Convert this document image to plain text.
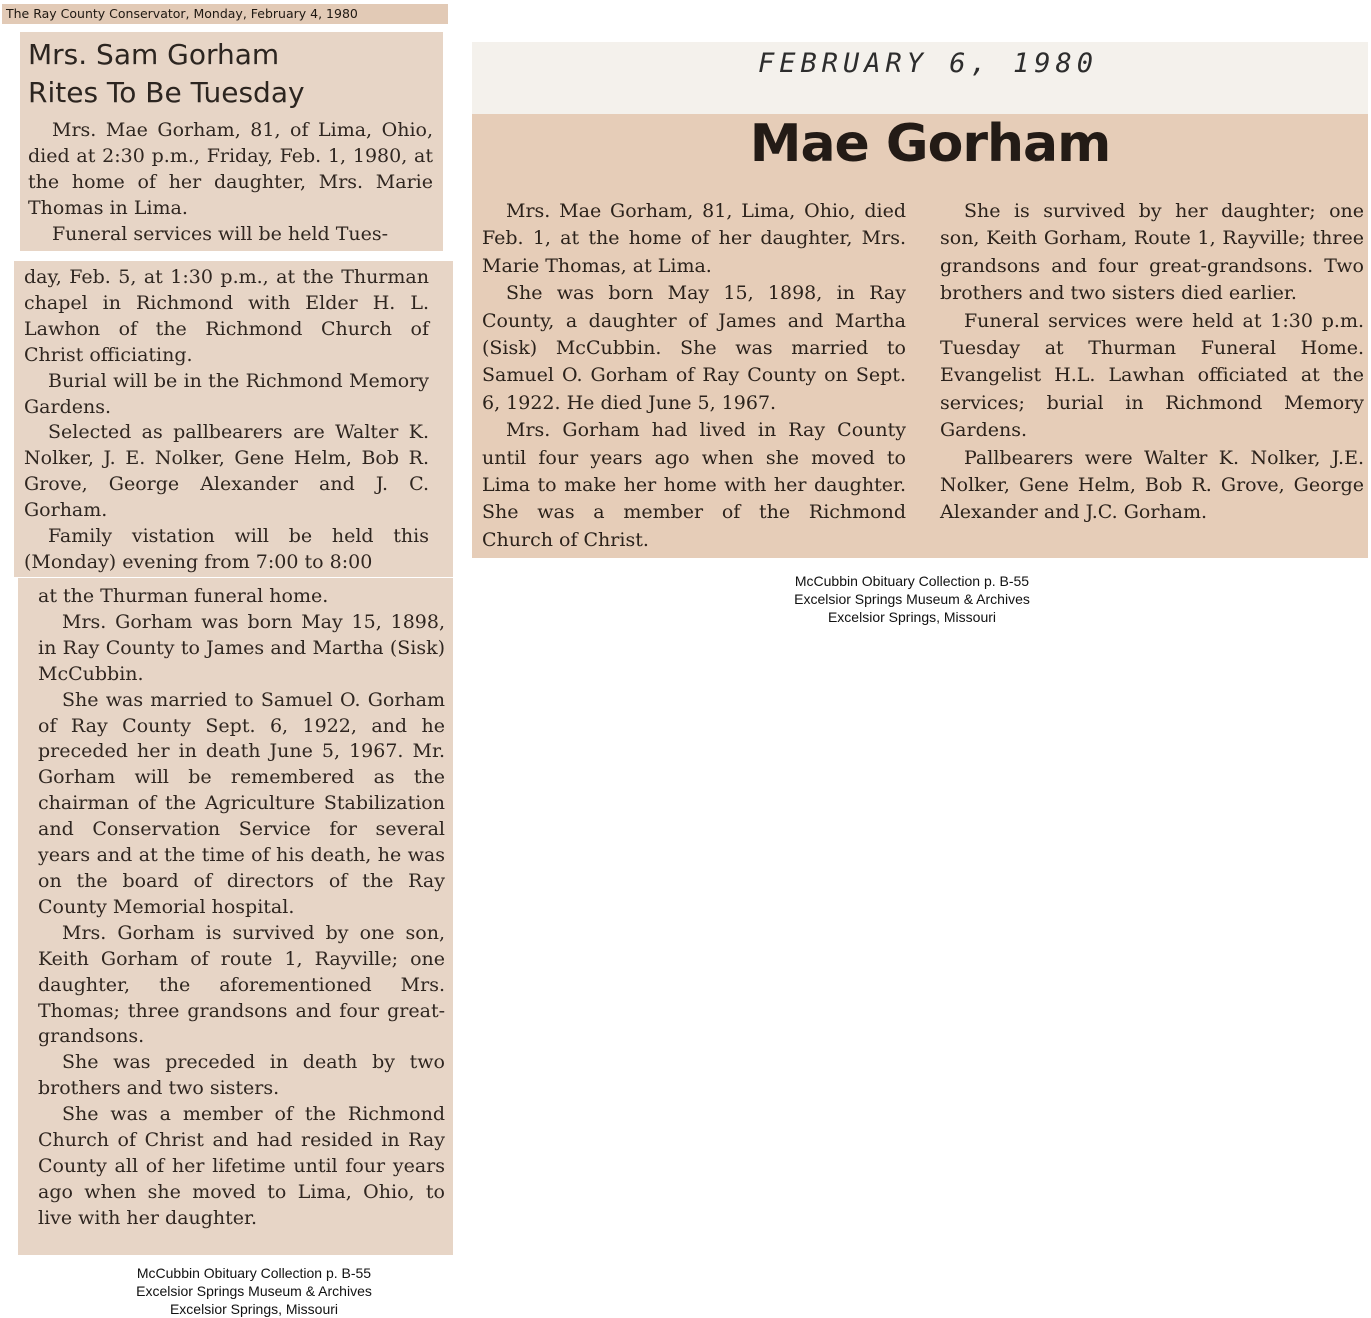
The Ray County Conservator, Monday, February 4, 1980
Mrs. Sam Gorham
Rites To Be Tuesday

Mrs. Mae Gorham, 81, of Lima, Ohio, died at 2:30 p.m., Friday, Feb. 1, 1980, at the home of her daughter, Mrs. Marie Thomas in Lima.

Funeral services will be held Tues-

day, Feb. 5, at 1:30 p.m., at the Thurman chapel in Richmond with Elder H. L. Lawhon of the Richmond Church of Christ officiating.

Burial will be in the Richmond Memory Gardens.

Selected as pallbearers are Walter K. Nolker, J. E. Nolker, Gene Helm, Bob R. Grove, George Alexander and J. C. Gorham.

Family vistation will be held this (Monday) evening from 7:00 to 8:00

at the Thurman funeral home.

Mrs. Gorham was born May 15, 1898, in Ray County to James and Martha (Sisk) McCubbin.

She was married to Samuel O. Gorham of Ray County Sept. 6, 1922, and he preceded her in death June 5, 1967. Mr. Gorham will be remembered as the chairman of the Agriculture Stabilization and Conservation Service for several years and at the time of his death, he was on the board of directors of the Ray County Memorial hospital.

Mrs. Gorham is survived by one son, Keith Gorham of route 1, Rayville; one daughter, the aforementioned Mrs. Thomas; three grandsons and four great-grandsons.

She was preceded in death by two brothers and two sisters.

She was a member of the Richmond Church of Christ and had resided in Ray County all of her lifetime until four years ago when she moved to Lima, Ohio, to live with her daughter.

FEBRUARY 6, 1980
Mae Gorham

Mrs. Mae Gorham, 81, Lima, Ohio, died Feb. 1, at the home of her daughter, Mrs. Marie Thomas, at Lima.

She was born May 15, 1898, in Ray County, a daughter of James and Martha (Sisk) McCubbin. She was married to Samuel O. Gorham of Ray County on Sept. 6, 1922. He died June 5, 1967.

Mrs. Gorham had lived in Ray County until four years ago when she moved to Lima to make her home with her daughter. She was a member of the Richmond Church of Christ.

She is survived by her daughter; one son, Keith Gorham, Route 1, Rayville; three grandsons and four great-grandsons. Two brothers and two sisters died earlier.

Funeral services were held at 1:30 p.m. Tuesday at Thurman Funeral Home. Evangelist H.L. Lawhan officiated at the services; burial in Richmond Memory Gardens.

Pallbearers were Walter K. Nolker, J.E. Nolker, Gene Helm, Bob R. Grove, George Alexander and J.C. Gorham.

McCubbin Obituary Collection p. B-55
Excelsior Springs Museum & Archives
Excelsior Springs, Missouri
McCubbin Obituary Collection p. B-55
Excelsior Springs Museum & Archives
Excelsior Springs, Missouri
